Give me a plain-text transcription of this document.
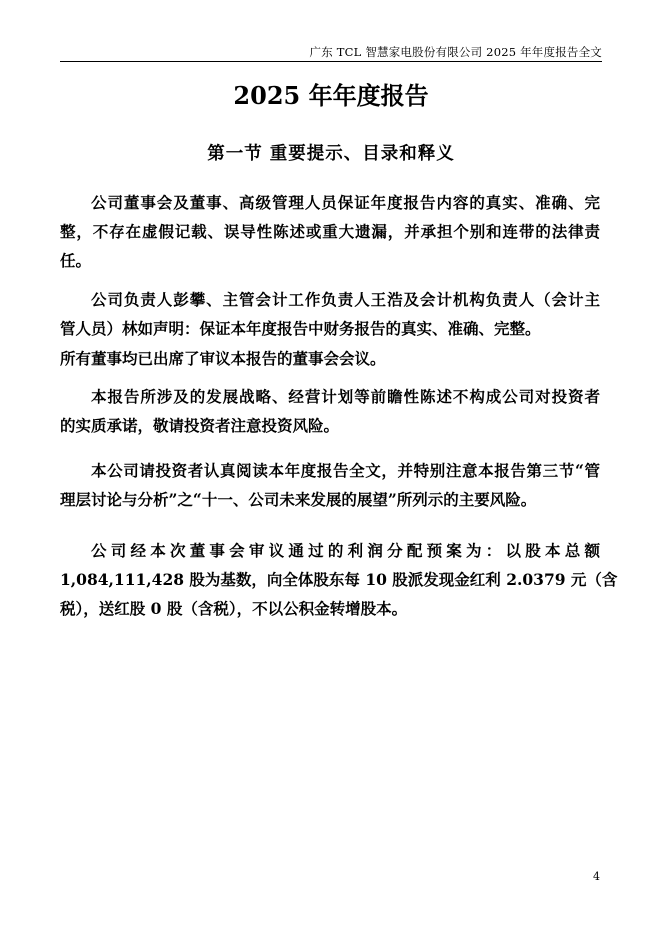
广东 TCL 智慧家电股份有限公司 2025 年年度报告全文
2025 年年度报告
第一节 重要提示、目录和释义
公司董事会及董事、高级管理人员保证年度报告内容的真实、准确、完
整，不存在虚假记载、误导性陈述或重大遗漏，并承担个别和连带的法律责
任。
公司负责人彭攀、主管会计工作负责人王浩及会计机构负责人（会计主
管人员）林如声明：保证本年度报告中财务报告的真实、准确、完整。
所有董事均已出席了审议本报告的董事会会议。
本报告所涉及的发展战略、经营计划等前瞻性陈述不构成公司对投资者
的实质承诺，敬请投资者注意投资风险。
本公司请投资者认真阅读本年度报告全文，并特别注意本报告第三节“管
理层讨论与分析”之“十一、公司未来发展的展望”所列示的主要风险。
公司经本次董事会审议通过的利润分配预案为：以股本总额
1,084,111,428 股为基数，向全体股东每 10 股派发现金红利 2.0379 元（含
税），送红股 0 股（含税），不以公积金转增股本。
4
